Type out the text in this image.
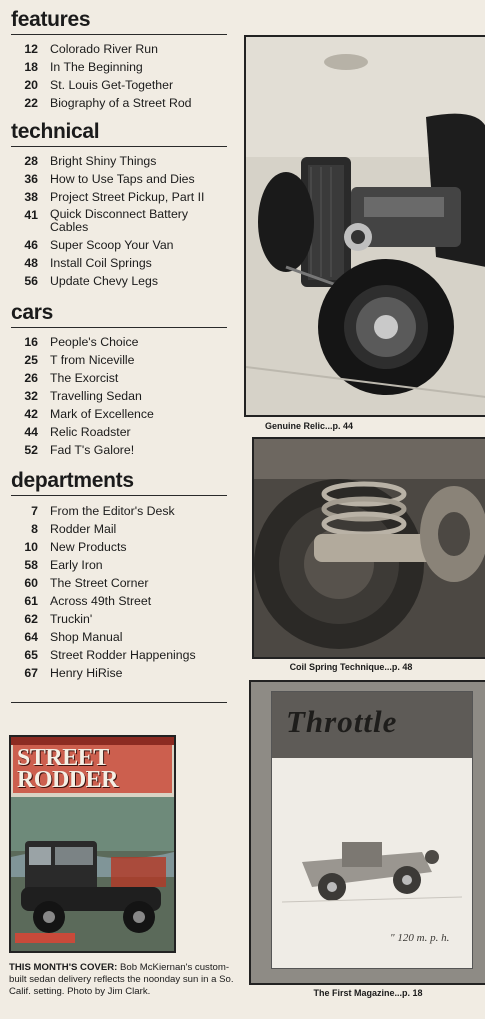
features
12 Colorado River Run
18 In The Beginning
20 St. Louis Get-Together
22 Biography of a Street Rod
technical
28 Bright Shiny Things
36 How to Use Taps and Dies
38 Project Street Pickup, Part II
41 Quick Disconnect Battery Cables
46 Super Scoop Your Van
48 Install Coil Springs
56 Update Chevy Legs
cars
16 People's Choice
25 T from Niceville
26 The Exorcist
32 Travelling Sedan
42 Mark of Excellence
44 Relic Roadster
52 Fad T's Galore!
departments
7 From the Editor's Desk
8 Rodder Mail
10 New Products
58 Early Iron
60 The Street Corner
61 Across 49th Street
62 Truckin'
64 Shop Manual
65 Street Rodder Happenings
67 Henry HiRise
STREET RODDER
THIS MONTH'S COVER: Bob McKiernan's custom-built sedan delivery reflects the noonday sun in a So. Calif. setting. Photo by Jim Clark.
Genuine Relic...p. 44
Coil Spring Technique...p. 48
Throttle
" 120 m. p. h.
The First Magazine...p. 18
